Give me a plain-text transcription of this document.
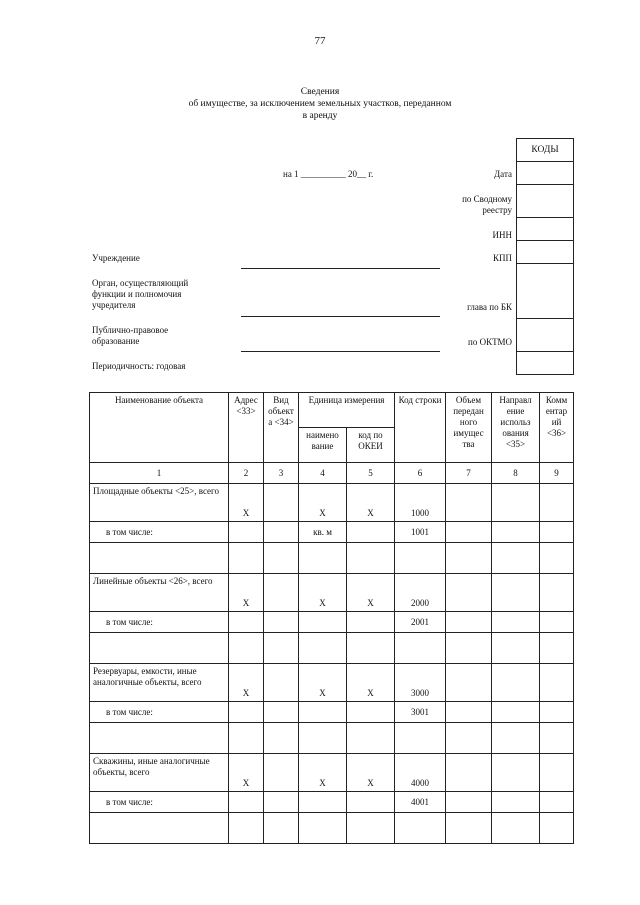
77
Сведения
об имуществе, за исключением земельных участков, переданном
в аренду
КОДЫ

на 1 __________ 20__ г.	Дата
по Сводному
реестру
ИНН
КПП
глава по БК
по ОКТМО
Учреждение
Орган, осуществляющий
функции и полномочия
учредителя
Публично-правовое
образование
Периодичность: годовая
Наименование объекта	Адрес <33>	Вид объект а <34>	Единица измерения		Код строки	Объем передан ного имущес тва	Направл ение использ ования <35>	Комм ентар ий <36>
			наимено вание	код по ОКЕИ				
1	2	3	4	5	6	7	8	9
Площадные объекты <25>, всего	X		X	X	1000			
в том числе:			кв. м		1001			

Линейные объекты <26>, всего	X		X	X	2000			
в том числе:					2001			

Резервуары, емкости, иные аналогичные объекты, всего	X		X	X	3000			
в том числе:					3001			

Скважины, иные аналогичные объекты, всего	X		X	X	4000			
в том числе:					4001			
